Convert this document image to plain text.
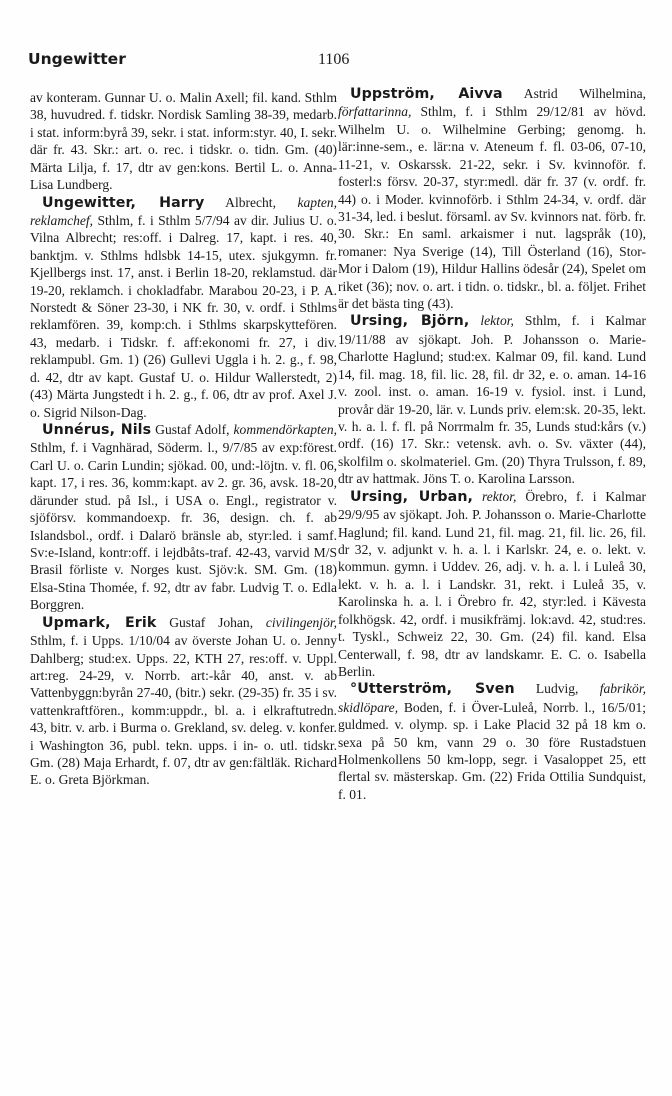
Ungewitter	1106

av konteram. Gunnar U. o. Malin Axell; fil. kand. Sthlm 38, huvudred. f. tidskr. Nordisk Samling 38-39, medarb. i stat. inform:byrå 39, sekr. i stat. inform:styr. 40, I. sekr. där fr. 43. Skr.: art. o. rec. i tidskr. o. tidn. Gm. (40) Märta Lilja, f. 17, dtr av gen:kons. Bertil L. o. Anna-Lisa Lundberg.

Ungewitter, Harry Albrecht, kapten, reklamchef, Sthlm, f. i Sthlm 5/7/94 av dir. Julius U. o. Vilna Albrecht; res:off. i Dalreg. 17, kapt. i res. 40, banktjm. v. Sthlms hdlsbk 14-15, utex. sjukgymn. fr. Kjellbergs inst. 17, anst. i Berlin 18-20, reklamstud. där 19-20, reklamch. i chokladfabr. Marabou 20-23, i P. A. Norstedt & Söner 23-30, i NK fr. 30, v. ordf. i Sthlms reklamfören. 39, komp:ch. i Sthlms skarpskyttefören. 43, medarb. i Tidskr. f. aff:ekonomi fr. 27, i div. reklampubl. Gm. 1) (26) Gullevi Uggla i h. 2. g., f. 98, d. 42, dtr av kapt. Gustaf U. o. Hildur Wallerstedt, 2) (43) Märta Jungstedt i h. 2. g., f. 06, dtr av prof. Axel J. o. Sigrid Nilson-Dag.

Unnérus, Nils Gustaf Adolf, kommendörkapten, Sthlm, f. i Vagnhärad, Söderm. l., 9/7/85 av exp:förest. Carl U. o. Carin Lundin; sjökad. 00, und:-löjtn. v. fl. 06, kapt. 17, i res. 36, komm:kapt. av 2. gr. 36, avsk. 18-20, därunder stud. på Isl., i USA o. Engl., registrator v. sjöförsv. kommandoexp. fr. 36, design. ch. f. ab Islandsbol., ordf. i Dalarö bränsle ab, styr:led. i samf. Sv:e-Island, kontr:off. i lejdbåts-traf. 42-43, varvid M/S Brasil förliste v. Norges kust. Sjöv:k. SM. Gm. (18) Elsa-Stina Thomée, f. 92, dtr av fabr. Ludvig T. o. Edla Borggren.

Upmark, Erik Gustaf Johan, civilingenjör, Sthlm, f. i Upps. 1/10/04 av överste Johan U. o. Jenny Dahlberg; stud:ex. Upps. 22, KTH 27, res:off. v. Uppl. art:reg. 24-29, v. Norrb. art:-kår 40, anst. v. ab Vattenbyggn:byrån 27-40, (bitr.) sekr. (29-35) fr. 35 i sv. vattenkraftfören., komm:uppdr., bl. a. i elkraftutredn. 43, bitr. v. arb. i Burma o. Grekland, sv. deleg. v. konfer. i Washington 36, publ. tekn. upps. i in- o. utl. tidskr. Gm. (28) Maja Erhardt, f. 07, dtr av gen:fältläk. Richard E. o. Greta Björkman.

Uppström, Aivva Astrid Wilhelmina, författarinna, Sthlm, f. i Sthlm 29/12/81 av hövd. Wilhelm U. o. Wilhelmine Gerbing; genomg. h. lär:inne-sem., e. lär:na v. Ateneum f. fl. 03-06, 07-10, 11-21, v. Oskarssk. 21-22, sekr. i Sv. kvinnoför. f. fosterl:s försv. 20-37, styr:medl. där fr. 37 (v. ordf. fr. 44) o. i Moder. kvinnoförb. i Sthlm 24-34, v. ordf. där 31-34, led. i beslut. församl. av Sv. kvinnors nat. förb. fr. 30. Skr.: En saml. arkaismer i nut. lagspråk (10), romaner: Nya Sverige (14), Till Österland (16), Stor-Mor i Dalom (19), Hildur Hallins ödesår (24), Spelet om riket (36); nov. o. art. i tidn. o. tidskr., bl. a. följet. Frihet är det bästa ting (43).

Ursing, Björn, lektor, Sthlm, f. i Kalmar 19/11/88 av sjökapt. Joh. P. Johansson o. Marie-Charlotte Haglund; stud:ex. Kalmar 09, fil. kand. Lund 14, fil. mag. 18, fil. lic. 28, fil. dr 32, e. o. aman. 14-16 v. zool. inst. o. aman. 16-19 v. fysiol. inst. i Lund, provår där 19-20, lär. v. Lunds priv. elem:sk. 20-35, lekt. v. h. a. l. f. fl. på Norrmalm fr. 35, Lunds stud:kårs (v.) ordf. (16) 17. Skr.: vetensk. avh. o. Sv. växter (44), skolfilm o. skolmateriel. Gm. (20) Thyra Trulsson, f. 89, dtr av hattmak. Jöns T. o. Karolina Larsson.

Ursing, Urban, rektor, Örebro, f. i Kalmar 29/9/95 av sjökapt. Joh. P. Johansson o. Marie-Charlotte Haglund; fil. kand. Lund 21, fil. mag. 21, fil. lic. 26, fil. dr 32, v. adjunkt v. h. a. l. i Karlskr. 24, e. o. lekt. v. kommun. gymn. i Uddev. 26, adj. v. h. a. l. i Luleå 30, lekt. v. h. a. l. i Landskr. 31, rekt. i Luleå 35, v. Karolinska h. a. l. i Örebro fr. 42, styr:led. i Kävesta folkhögsk. 42, ordf. i musikfrämj. lok:avd. 42, stud:res. t. Tyskl., Schweiz 22, 30. Gm. (24) fil. kand. Elsa Centerwall, f. 98, dtr av landskamr. E. C. o. Isabella Berlin.

°Utterström, Sven Ludvig, fabrikör, skidlöpare, Boden, f. i Över-Luleå, Norrb. l., 16/5/01; guldmed. v. olymp. sp. i Lake Placid 32 på 18 km o. sexa på 50 km, vann 29 o. 30 före Rustadstuen Holmenkollens 50 km-lopp, segr. i Vasaloppet 25, ett flertal sv. mästerskap. Gm. (22) Frida Ottilia Sundquist, f. 01.
